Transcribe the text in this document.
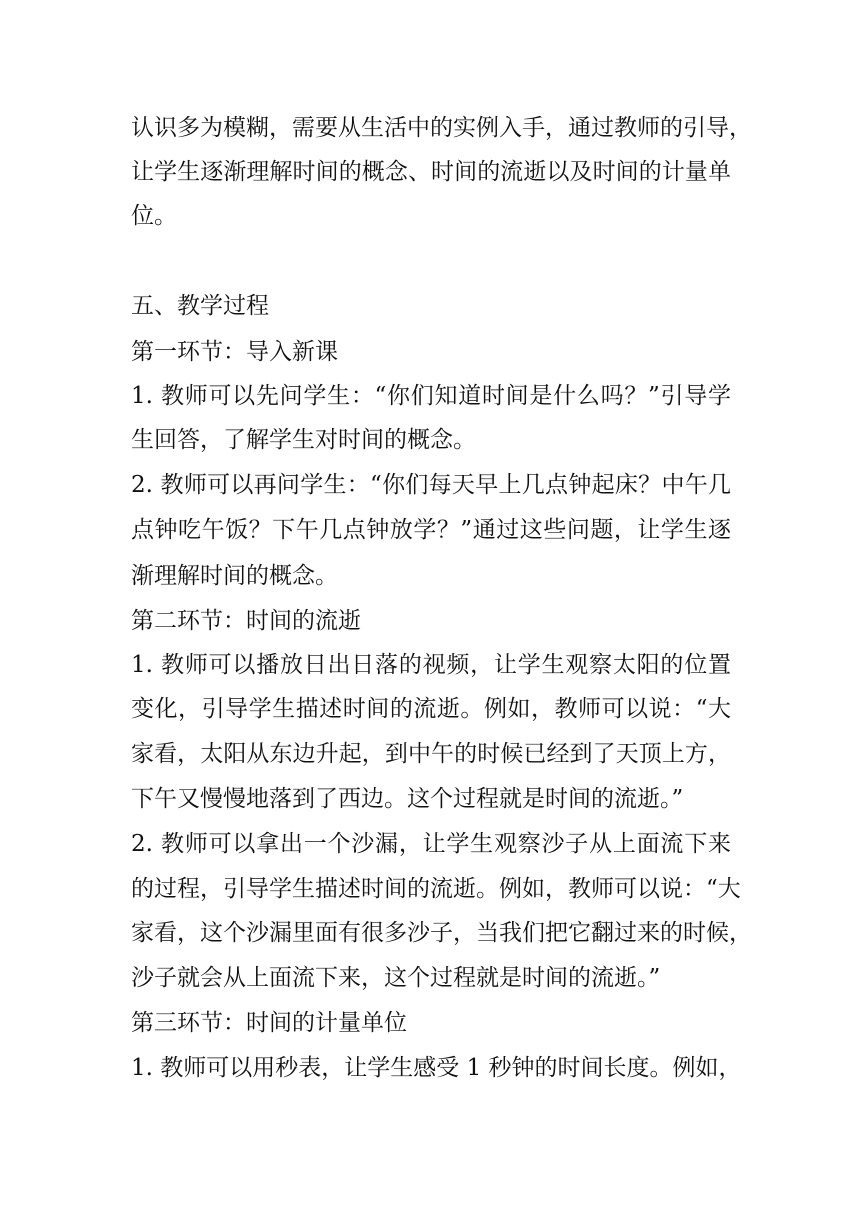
认识多为模糊，需要从生活中的实例入手，通过教师的引导，
让学生逐渐理解时间的概念、时间的流逝以及时间的计量单
位。
五、教学过程
第一环节：导入新课
1. 教师可以先问学生：“你们知道时间是什么吗？”引导学
生回答，了解学生对时间的概念。
2. 教师可以再问学生：“你们每天早上几点钟起床？中午几
点钟吃午饭？下午几点钟放学？”通过这些问题，让学生逐
渐理解时间的概念。
第二环节：时间的流逝
1. 教师可以播放日出日落的视频，让学生观察太阳的位置
变化，引导学生描述时间的流逝。例如，教师可以说：“大
家看，太阳从东边升起，到中午的时候已经到了天顶上方，
下午又慢慢地落到了西边。这个过程就是时间的流逝。”
2. 教师可以拿出一个沙漏，让学生观察沙子从上面流下来
的过程，引导学生描述时间的流逝。例如，教师可以说：“大
家看，这个沙漏里面有很多沙子，当我们把它翻过来的时候，
沙子就会从上面流下来，这个过程就是时间的流逝。”
第三环节：时间的计量单位
1. 教师可以用秒表，让学生感受 1 秒钟的时间长度。例如，
